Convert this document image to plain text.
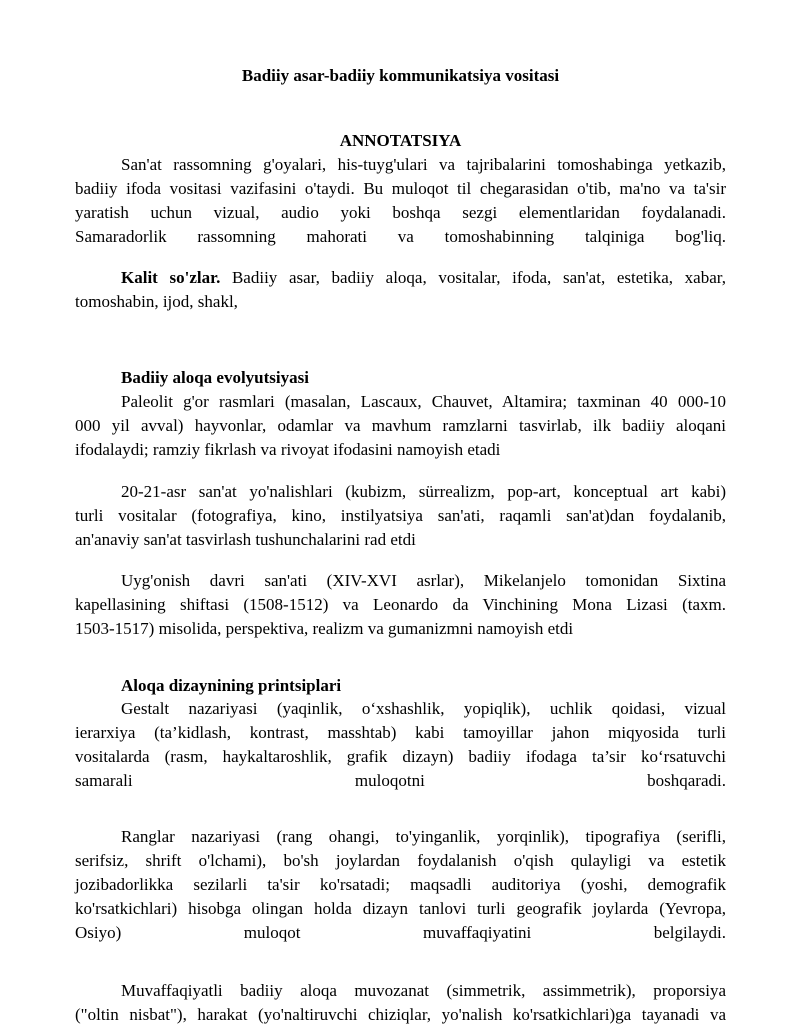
Badiiy asar-badiiy kommunikatsiya vositasi
ANNOTATSIYA
San'at rassomning g'oyalari, his-tuyg'ulari va tajribalarini tomoshabinga yetkazib,
badiiy ifoda vositasi vazifasini o'taydi. Bu muloqot til chegarasidan o'tib, ma'no va ta'sir
yaratish uchun vizual, audio yoki boshqa sezgi elementlaridan foydalanadi.
Samaradorlik rassomning mahorati va tomoshabinning talqiniga bog'liq.
Kalit so'zlar. Badiiy asar, badiiy aloqa, vositalar, ifoda, san'at, estetika, xabar,
tomoshabin, ijod, shakl,
Badiiy aloqa evolyutsiyasi
Paleolit g'or rasmlari (masalan, Lascaux, Chauvet, Altamira; taxminan 40 000-10
000 yil avval) hayvonlar, odamlar va mavhum ramzlarni tasvirlab, ilk badiiy aloqani
ifodalaydi; ramziy fikrlash va rivoyat ifodasini namoyish etadi
20-21-asr san'at yo'nalishlari (kubizm, sürrealizm, pop-art, konceptual art kabi)
turli vositalar (fotografiya, kino, instilyatsiya san'ati, raqamli san'at)dan foydalanib,
an'anaviy san'at tasvirlash tushunchalarini rad etdi
Uyg'onish davri san'ati (XIV-XVI asrlar), Mikelanjelo tomonidan Sixtina
kapellasining shiftasi (1508-1512) va Leonardo da Vinchining Mona Lizasi (taxm.
1503-1517) misolida, perspektiva, realizm va gumanizmni namoyish etdi
Aloqa dizaynining printsiplari
Gestalt nazariyasi (yaqinlik, o‘xshashlik, yopiqlik), uchlik qoidasi, vizual
ierarxiya (ta’kidlash, kontrast, masshtab) kabi tamoyillar jahon miqyosida turli
vositalarda (rasm, haykaltaroshlik, grafik dizayn) badiiy ifodaga ta’sir ko‘rsatuvchi
samarali muloqotni boshqaradi.
Ranglar nazariyasi (rang ohangi, to'yinganlik, yorqinlik), tipografiya (serifli,
serifsiz, shrift o'lchami), bo'sh joylardan foydalanish o'qish qulayligi va estetik
jozibadorlikka sezilarli ta'sir ko'rsatadi; maqsadli auditoriya (yoshi, demografik
ko'rsatkichlari) hisobga olingan holda dizayn tanlovi turli geografik joylarda (Yevropa,
Osiyo) muloqot muvaffaqiyatini belgilaydi.
Muvaffaqiyatli badiiy aloqa muvozanat (simmetrik, assimmetrik), proporsiya
("oltin nisbat"), harakat (yo'naltiruvchi chiziqlar, yo'nalish ko'rsatkichlari)ga tayanadi va
